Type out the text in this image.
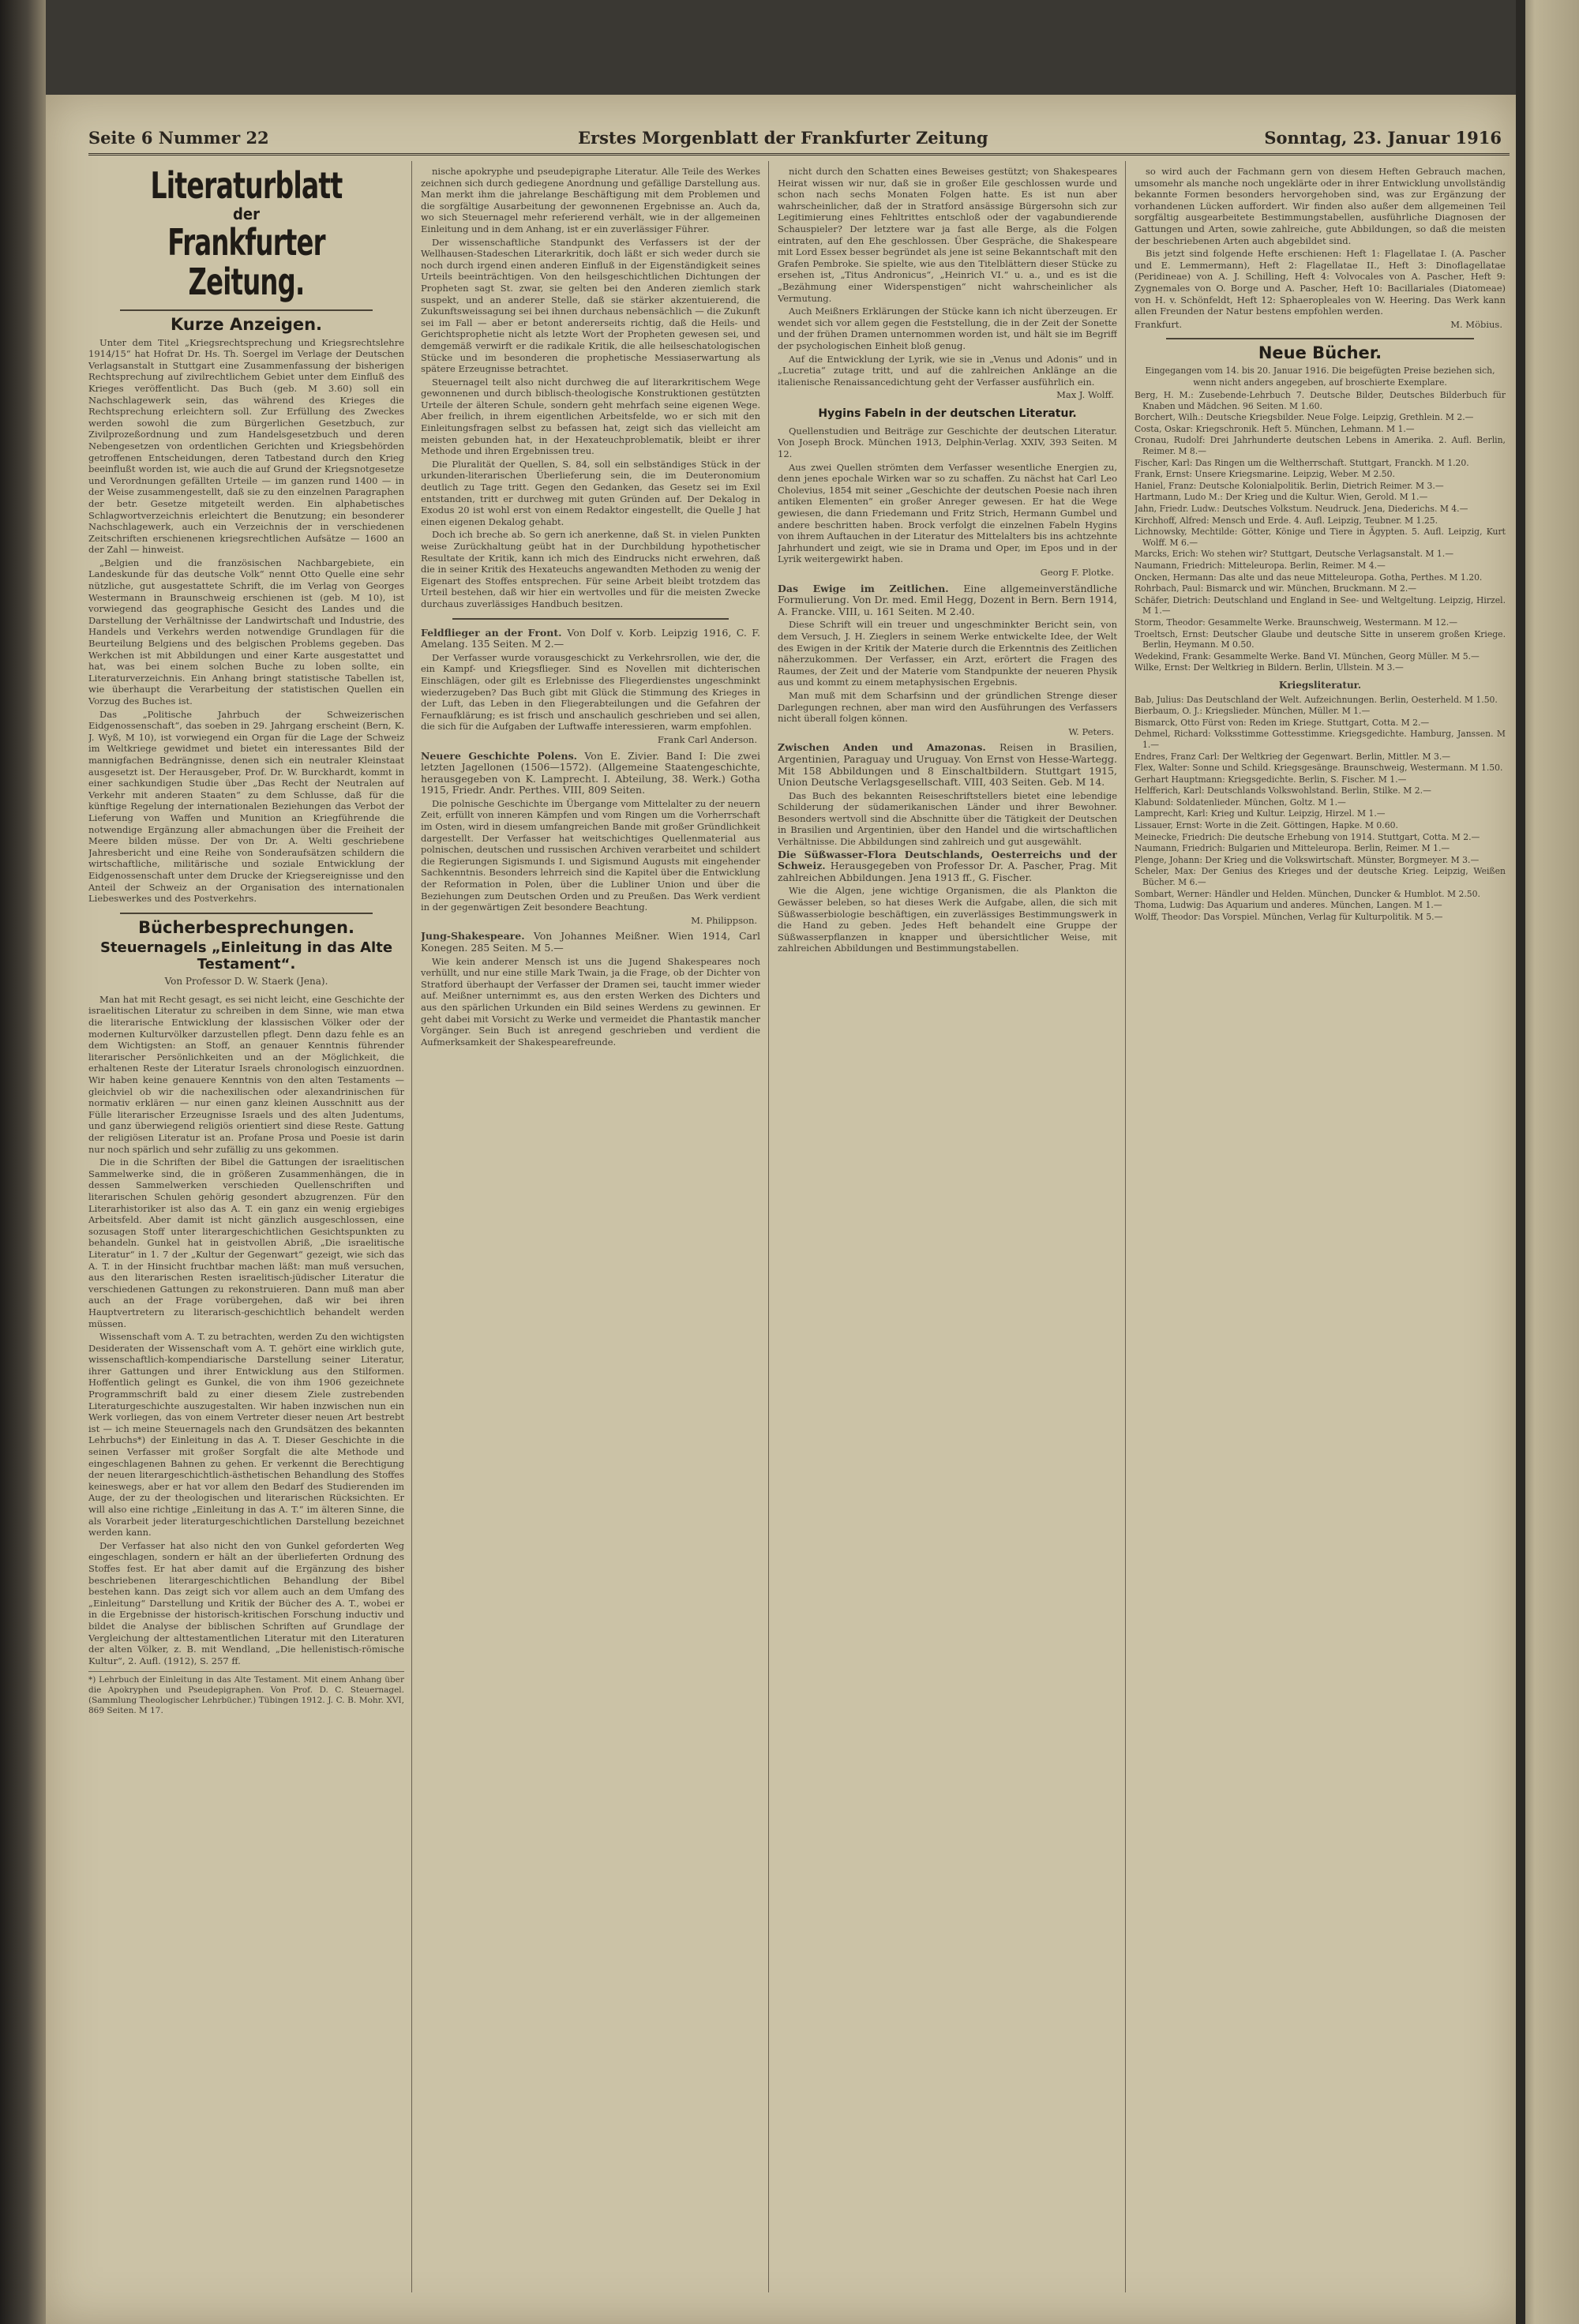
Seite 6 Nummer 22	Erstes Morgenblatt der Frankfurter Zeitung	Sonntag, 23. Januar 1916
Literaturblatt
der
Frankfurter Zeitung.
Kurze Anzeigen.

Unter dem Titel „Kriegsrechtsprechung und Kriegsrechtslehre 1914/15“ hat Hofrat Dr. Hs. Th. Soergel im Verlage der Deutschen Verlagsanstalt in Stuttgart eine Zusammenfassung der bisherigen Rechtsprechung auf zivilrechtlichem Gebiet unter dem Einfluß des Krieges veröffentlicht. Das Buch (geb. M 3.60) soll ein Nachschlagewerk sein, das während des Krieges die Rechtsprechung erleichtern soll. Zur Erfüllung des Zweckes werden sowohl die zum Bürgerlichen Gesetzbuch, zur Zivilprozeßordnung und zum Handelsgesetzbuch und deren Nebengesetzen von ordentlichen Gerichten und Kriegsbehörden getroffenen Entscheidungen, deren Tatbestand durch den Krieg beeinflußt worden ist, wie auch die auf Grund der Kriegsnotgesetze und Verordnungen gefällten Urteile — im ganzen rund 1400 — in der Weise zusammengestellt, daß sie zu den einzelnen Paragraphen der betr. Gesetze mitgeteilt werden. Ein alphabetisches Schlagwortverzeichnis erleichtert die Benutzung; ein besonderer Nachschlagewerk, auch ein Verzeichnis der in verschiedenen Zeitschriften erschienenen kriegsrechtlichen Aufsätze — 1600 an der Zahl — hinweist.

„Belgien und die französischen Nachbargebiete, ein Landeskunde für das deutsche Volk“ nennt Otto Quelle eine sehr nützliche, gut ausgestattete Schrift, die im Verlag von Georges Westermann in Braunschweig erschienen ist (geb. M 10), ist vorwiegend das geographische Gesicht des Landes und die Darstellung der Verhältnisse der Landwirtschaft und Industrie, des Handels und Verkehrs werden notwendige Grundlagen für die Beurteilung Belgiens und des belgischen Problems gegeben. Das Werkchen ist mit Abbildungen und einer Karte ausgestattet und hat, was bei einem solchen Buche zu loben sollte, ein Literaturverzeichnis. Ein Anhang bringt statistische Tabellen ist, wie überhaupt die Verarbeitung der statistischen Quellen ein Vorzug des Buches ist.

Das „Politische Jahrbuch der Schweizerischen Eidgenossenschaft“, das soeben in 29. Jahrgang erscheint (Bern, K. J. Wyß, M 10), ist vorwiegend ein Organ für die Lage der Schweiz im Weltkriege gewidmet und bietet ein interessantes Bild der mannigfachen Bedrängnisse, denen sich ein neutraler Kleinstaat ausgesetzt ist. Der Herausgeber, Prof. Dr. W. Burckhardt, kommt in einer sachkundigen Studie über „Das Recht der Neutralen auf Verkehr mit anderen Staaten“ zu dem Schlusse, daß für die künftige Regelung der internationalen Beziehungen das Verbot der Lieferung von Waffen und Munition an Kriegführende die notwendige Ergänzung aller abmachungen über die Freiheit der Meere bilden müsse. Der von Dr. A. Welti geschriebene Jahresbericht und eine Reihe von Sonderaufsätzen schildern die wirtschaftliche, militärische und soziale Entwicklung der Eidgenossenschaft unter dem Drucke der Kriegsereignisse und den Anteil der Schweiz an der Organisation des internationalen Liebeswerkes und des Postverkehrs.

Bücherbesprechungen.
Steuernagels „Einleitung in das Alte Testament“.
Von Professor D. W. Staerk (Jena).

Man hat mit Recht gesagt, es sei nicht leicht, eine Geschichte der israelitischen Literatur zu schreiben in dem Sinne, wie man etwa die literarische Entwicklung der klassischen Völker oder der modernen Kulturvölker darzustellen pflegt. Denn dazu fehle es an dem Wichtigsten: an Stoff, an genauer Kenntnis führender literarischer Persönlichkeiten und an der Möglichkeit, die erhaltenen Reste der Literatur Israels chronologisch einzuordnen. Wir haben keine genauere Kenntnis von den alten Testaments — gleichviel ob wir die nachexilischen oder alexandrinischen für normativ erklären — nur einen ganz kleinen Ausschnitt aus der Fülle literarischer Erzeugnisse Israels und des alten Judentums, und ganz überwiegend religiös orientiert sind diese Reste. Gattung der religiösen Literatur ist an. Profane Prosa und Poesie ist darin nur noch spärlich und sehr zufällig zu uns gekommen.

Die in die Schriften der Bibel die Gattungen der israelitischen Sammelwerke sind, die in größeren Zusammenhängen, die in dessen Sammelwerken verschieden Quellenschriften und literarischen Schulen gehörig gesondert abzugrenzen. Für den Literarhistoriker ist also das A. T. ein ganz ein wenig ergiebiges Arbeitsfeld. Aber damit ist nicht gänzlich ausgeschlossen, eine sozusagen Stoff unter literargeschichtlichen Gesichtspunkten zu behandeln. Gunkel hat in geistvollen Abriß, „Die israelitische Literatur“ in 1. 7 der „Kultur der Gegenwart“ gezeigt, wie sich das A. T. in der Hinsicht fruchtbar machen läßt: man muß versuchen, aus den literarischen Resten israelitisch-jüdischer Literatur die verschiedenen Gattungen zu rekonstruieren. Dann muß man aber auch an der Frage vorübergehen, daß wir bei ihren Hauptvertretern zu literarisch-geschichtlich behandelt werden müssen.

Wissenschaft vom A. T. zu betrachten, werden Zu den wichtigsten Desideraten der Wissenschaft vom A. T. gehört eine wirklich gute, wissenschaftlich-kompendiarische Darstellung seiner Literatur, ihrer Gattungen und ihrer Entwicklung aus den Stilformen. Hoffentlich gelingt es Gunkel, die von ihm 1906 gezeichnete Programmschrift bald zu einer diesem Ziele zustrebenden Literaturgeschichte auszugestalten. Wir haben inzwischen nun ein Werk vorliegen, das von einem Vertreter dieser neuen Art bestrebt ist — ich meine Steuernagels nach den Grundsätzen des bekannten Lehrbuchs*) der Einleitung in das A. T. Dieser Geschichte in die seinen Verfasser mit großer Sorgfalt die alte Methode und eingeschlagenen Bahnen zu gehen. Er verkennt die Berechtigung der neuen literargeschichtlich-ästhetischen Behandlung des Stoffes keineswegs, aber er hat vor allem den Bedarf des Studierenden im Auge, der zu der theologischen und literarischen Rücksichten. Er will also eine richtige „Einleitung in das A. T.“ im älteren Sinne, die als Vorarbeit jeder literaturgeschichtlichen Darstellung bezeichnet werden kann.

Der Verfasser hat also nicht den von Gunkel geforderten Weg eingeschlagen, sondern er hält an der überlieferten Ordnung des Stoffes fest. Er hat aber damit auf die Ergänzung des bisher beschriebenen literargeschichtlichen Behandlung der Bibel bestehen kann. Das zeigt sich vor allem auch an dem Umfang des „Einleitung“ Darstellung und Kritik der Bücher des A. T., wobei er in die Ergebnisse der historisch-kritischen Forschung inductiv und bildet die Analyse der biblischen Schriften auf Grundlage der Vergleichung der alttestamentlichen Literatur mit den Literaturen der alten Völker, z. B. mit Wendland, „Die hellenistisch-römische Kultur“, 2. Aufl. (1912), S. 257 ff.

*) Lehrbuch der Einleitung in das Alte Testament. Mit einem Anhang über die Apokryphen und Pseudepigraphen. Von Prof. D. C. Steuernagel. (Sammlung Theologischer Lehrbücher.) Tübingen 1912. J. C. B. Mohr. XVI, 869 Seiten. M 17.

nische apokryphe und pseudepigraphe Literatur. Alle Teile des Werkes zeichnen sich durch gediegene Anordnung und gefällige Darstellung aus. Man merkt ihm die jahrelange Beschäftigung mit dem Problemen und die sorgfältige Ausarbeitung der gewonnenen Ergebnisse an. Auch da, wo sich Steuernagel mehr referierend verhält, wie in der allgemeinen Einleitung und in dem Anhang, ist er ein zuverlässiger Führer.

Der wissenschaftliche Standpunkt des Verfassers ist der der Wellhausen-Stadeschen Literarkritik, doch läßt er sich weder durch sie noch durch irgend einen anderen Einfluß in der Eigenständigkeit seines Urteils beeinträchtigen. Von den heilsgeschichtlichen Dichtungen der Propheten sagt St. zwar, sie gelten bei den Anderen ziemlich stark suspekt, und an anderer Stelle, daß sie stärker akzentuierend, die Zukunftsweissagung sei bei ihnen durchaus nebensächlich — die Zukunft sei im Fall — aber er betont andererseits richtig, daß die Heils- und Gerichtsprophetie nicht als letzte Wort der Propheten gewesen sei, und demgemäß verwirft er die radikale Kritik, die alle heilseschatologischen Stücke und im besonderen die prophetische Messiaserwartung als spätere Erzeugnisse betrachtet.

Steuernagel teilt also nicht durchweg die auf literarkritischem Wege gewonnenen und durch biblisch-theologische Konstruktionen gestützten Urteile der älteren Schule, sondern geht mehrfach seine eigenen Wege. Aber freilich, in ihrem eigentlichen Arbeitsfelde, wo er sich mit den Einleitungsfragen selbst zu befassen hat, zeigt sich das vielleicht am meisten gebunden hat, in der Hexateuchproblematik, bleibt er ihrer Methode und ihren Ergebnissen treu.

Die Pluralität der Quellen, S. 84, soll ein selbständiges Stück in der urkunden-literarischen Überlieferung sein, die im Deuteronomium deutlich zu Tage tritt. Gegen den Gedanken, das Gesetz sei im Exil entstanden, tritt er durchweg mit guten Gründen auf. Der Dekalog in Exodus 20 ist wohl erst von einem Redaktor eingestellt, die Quelle J hat einen eigenen Dekalog gehabt.

Doch ich breche ab. So gern ich anerkenne, daß St. in vielen Punkten weise Zurückhaltung geübt hat in der Durchbildung hypothetischer Resultate der Kritik, kann ich mich des Eindrucks nicht erwehren, daß die in seiner Kritik des Hexateuchs angewandten Methoden zu wenig der Eigenart des Stoffes entsprechen. Für seine Arbeit bleibt trotzdem das Urteil bestehen, daß wir hier ein wertvolles und für die meisten Zwecke durchaus zuverlässiges Handbuch besitzen.

Feldflieger an der Front. Von Dolf v. Korb. Leipzig 1916, C. F. Amelang. 135 Seiten. M 2.—

Der Verfasser wurde vorausgeschickt zu Verkehrsrollen, wie der, die ein Kampf- und Kriegsflieger. Sind es Novellen mit dichterischen Einschlägen, oder gilt es Erlebnisse des Fliegerdienstes ungeschminkt wiederzugeben? Das Buch gibt mit Glück die Stimmung des Krieges in der Luft, das Leben in den Fliegerabteilungen und die Gefahren der Fernaufklärung; es ist frisch und anschaulich geschrieben und sei allen, die sich für die Aufgaben der Luftwaffe interessieren, warm empfohlen.

Frank Carl Anderson.

Neuere Geschichte Polens. Von E. Zivier. Band I: Die zwei letzten Jagellonen (1506—1572). (Allgemeine Staatengeschichte, herausgegeben von K. Lamprecht. I. Abteilung, 38. Werk.) Gotha 1915, Friedr. Andr. Perthes. VIII, 809 Seiten.

Die polnische Geschichte im Übergange vom Mittelalter zu der neuern Zeit, erfüllt von inneren Kämpfen und vom Ringen um die Vorherrschaft im Osten, wird in diesem umfangreichen Bande mit großer Gründlichkeit dargestellt. Der Verfasser hat weitschichtiges Quellenmaterial aus polnischen, deutschen und russischen Archiven verarbeitet und schildert die Regierungen Sigismunds I. und Sigismund Augusts mit eingehender Sachkenntnis. Besonders lehrreich sind die Kapitel über die Entwicklung der Reformation in Polen, über die Lubliner Union und über die Beziehungen zum Deutschen Orden und zu Preußen. Das Werk verdient in der gegenwärtigen Zeit besondere Beachtung.

M. Philippson.

Jung-Shakespeare. Von Johannes Meißner. Wien 1914, Carl Konegen. 285 Seiten. M 5.—

Wie kein anderer Mensch ist uns die Jugend Shakespeares noch verhüllt, und nur eine stille Mark Twain, ja die Frage, ob der Dichter von Stratford überhaupt der Verfasser der Dramen sei, taucht immer wieder auf. Meißner unternimmt es, aus den ersten Werken des Dichters und aus den spärlichen Urkunden ein Bild seines Werdens zu gewinnen. Er geht dabei mit Vorsicht zu Werke und vermeidet die Phantastik mancher Vorgänger. Sein Buch ist anregend geschrieben und verdient die Aufmerksamkeit der Shakespearefreunde.

nicht durch den Schatten eines Beweises gestützt; von Shakespeares Heirat wissen wir nur, daß sie in großer Eile geschlossen wurde und schon nach sechs Monaten Folgen hatte. Es ist nun aber wahrscheinlicher, daß der in Stratford ansässige Bürgersohn sich zur Legitimierung eines Fehltrittes entschloß oder der vagabundierende Schauspieler? Der letztere war ja fast alle Berge, als die Folgen eintraten, auf den Ehe geschlossen. Über Gespräche, die Shakespeare mit Lord Essex besser begründet als jene ist seine Bekanntschaft mit den Grafen Pembroke. Sie spielte, wie aus den Titelblättern dieser Stücke zu ersehen ist, „Titus Andronicus“, „Heinrich VI.“ u. a., und es ist die „Bezähmung einer Widerspenstigen“ nicht wahrscheinlicher als Vermutung.

Auch Meißners Erklärungen der Stücke kann ich nicht überzeugen. Er wendet sich vor allem gegen die Feststellung, die in der Zeit der Sonette und der frühen Dramen unternommen worden ist, und hält sie im Begriff der psychologischen Einheit bloß genug.

Auf die Entwicklung der Lyrik, wie sie in „Venus und Adonis“ und in „Lucretia“ zutage tritt, und auf die zahlreichen Anklänge an die italienische Renaissancedichtung geht der Verfasser ausführlich ein.

Max J. Wolff.
Hygins Fabeln in der deutschen Literatur.

Quellenstudien und Beiträge zur Geschichte der deutschen Literatur. Von Joseph Brock. München 1913, Delphin-Verlag. XXIV, 393 Seiten. M 12.

Aus zwei Quellen strömten dem Verfasser wesentliche Energien zu, denn jenes epochale Wirken war so zu schaffen. Zu nächst hat Carl Leo Cholevius, 1854 mit seiner „Geschichte der deutschen Poesie nach ihren antiken Elementen“ ein großer Anreger gewesen. Er hat die Wege gewiesen, die dann Friedemann und Fritz Strich, Hermann Gumbel und andere beschritten haben. Brock verfolgt die einzelnen Fabeln Hygins von ihrem Auftauchen in der Literatur des Mittelalters bis ins achtzehnte Jahrhundert und zeigt, wie sie in Drama und Oper, im Epos und in der Lyrik weitergewirkt haben.

Georg F. Plotke.

Das Ewige im Zeitlichen. Eine allgemeinverständliche Formulierung. Von Dr. med. Emil Hegg, Dozent in Bern. Bern 1914, A. Francke. VIII, u. 161 Seiten. M 2.40.

Diese Schrift will ein treuer und ungeschminkter Bericht sein, von dem Versuch, J. H. Zieglers in seinem Werke entwickelte Idee, der Welt des Ewigen in der Kritik der Materie durch die Erkenntnis des Zeitlichen näherzukommen. Der Verfasser, ein Arzt, erörtert die Fragen des Raumes, der Zeit und der Materie vom Standpunkte der neueren Physik aus und kommt zu einem metaphysischen Ergebnis.

Man muß mit dem Scharfsinn und der gründlichen Strenge dieser Darlegungen rechnen, aber man wird den Ausführungen des Verfassers nicht überall folgen können.

W. Peters.

Zwischen Anden und Amazonas. Reisen in Brasilien, Argentinien, Paraguay und Uruguay. Von Ernst von Hesse-Wartegg. Mit 158 Abbildungen und 8 Einschaltbildern. Stuttgart 1915, Union Deutsche Verlagsgesellschaft. VIII, 403 Seiten. Geb. M 14.

Das Buch des bekannten Reiseschriftstellers bietet eine lebendige Schilderung der südamerikanischen Länder und ihrer Bewohner. Besonders wertvoll sind die Abschnitte über die Tätigkeit der Deutschen in Brasilien und Argentinien, über den Handel und die wirtschaftlichen Verhältnisse. Die Abbildungen sind zahlreich und gut ausgewählt.

Die Süßwasser-Flora Deutschlands, Oesterreichs und der Schweiz. Herausgegeben von Professor Dr. A. Pascher, Prag. Mit zahlreichen Abbildungen. Jena 1913 ff., G. Fischer.

Wie die Algen, jene wichtige Organismen, die als Plankton die Gewässer beleben, so hat dieses Werk die Aufgabe, allen, die sich mit Süßwasserbiologie beschäftigen, ein zuverlässiges Bestimmungswerk in die Hand zu geben. Jedes Heft behandelt eine Gruppe der Süßwasserpflanzen in knapper und übersichtlicher Weise, mit zahlreichen Abbildungen und Bestimmungstabellen.

so wird auch der Fachmann gern von diesem Heften Gebrauch machen, umsomehr als manche noch ungeklärte oder in ihrer Entwicklung unvollständig bekannte Formen besonders hervorgehoben sind, was zur Ergänzung der vorhandenen Lücken auffordert. Wir finden also außer dem allgemeinen Teil sorgfältig ausgearbeitete Bestimmungstabellen, ausführliche Diagnosen der Gattungen und Arten, sowie zahlreiche, gute Abbildungen, so daß die meisten der beschriebenen Arten auch abgebildet sind.

Bis jetzt sind folgende Hefte erschienen: Heft 1: Flagellatae I. (A. Pascher und E. Lemmermann), Heft 2: Flagellatae II., Heft 3: Dinoflagellatae (Peridineae) von A. J. Schilling, Heft 4: Volvocales von A. Pascher, Heft 9: Zygnemales von O. Borge und A. Pascher, Heft 10: Bacillariales (Diatomeae) von H. v. Schönfeldt, Heft 12: Sphaeropleales von W. Heering. Das Werk kann allen Freunden der Natur bestens empfohlen werden.

Frankfurt.	M. Möbius.
Neue Bücher.

Eingegangen vom 14. bis 20. Januar 1916. Die beigefügten Preise beziehen sich, wenn nicht anders angegeben, auf broschierte Exemplare.

Berg, H. M.: Zusebende-Lehrbuch 7. Deutsche Bilder, Deutsches Bilderbuch für Knaben und Mädchen. 96 Seiten. M 1.60.

Borchert, Wilh.: Deutsche Kriegsbilder. Neue Folge. Leipzig, Grethlein. M 2.—

Costa, Oskar: Kriegschronik. Heft 5. München, Lehmann. M 1.—

Cronau, Rudolf: Drei Jahrhunderte deutschen Lebens in Amerika. 2. Aufl. Berlin, Reimer. M 8.—

Fischer, Karl: Das Ringen um die Weltherrschaft. Stuttgart, Franckh. M 1.20.

Frank, Ernst: Unsere Kriegsmarine. Leipzig, Weber. M 2.50.

Haniel, Franz: Deutsche Kolonialpolitik. Berlin, Dietrich Reimer. M 3.—

Hartmann, Ludo M.: Der Krieg und die Kultur. Wien, Gerold. M 1.—

Jahn, Friedr. Ludw.: Deutsches Volkstum. Neudruck. Jena, Diederichs. M 4.—

Kirchhoff, Alfred: Mensch und Erde. 4. Aufl. Leipzig, Teubner. M 1.25.

Lichnowsky, Mechtilde: Götter, Könige und Tiere in Ägypten. 5. Aufl. Leipzig, Kurt Wolff. M 6.—

Marcks, Erich: Wo stehen wir? Stuttgart, Deutsche Verlagsanstalt. M 1.—

Naumann, Friedrich: Mitteleuropa. Berlin, Reimer. M 4.—

Oncken, Hermann: Das alte und das neue Mitteleuropa. Gotha, Perthes. M 1.20.

Rohrbach, Paul: Bismarck und wir. München, Bruckmann. M 2.—

Schäfer, Dietrich: Deutschland und England in See- und Weltgeltung. Leipzig, Hirzel. M 1.—

Storm, Theodor: Gesammelte Werke. Braunschweig, Westermann. M 12.—

Troeltsch, Ernst: Deutscher Glaube und deutsche Sitte in unserem großen Kriege. Berlin, Heymann. M 0.50.

Wedekind, Frank: Gesammelte Werke. Band VI. München, Georg Müller. M 5.—

Wilke, Ernst: Der Weltkrieg in Bildern. Berlin, Ullstein. M 3.—

Kriegsliteratur.

Bab, Julius: Das Deutschland der Welt. Aufzeichnungen. Berlin, Oesterheld. M 1.50.

Bierbaum, O. J.: Kriegslieder. München, Müller. M 1.—

Bismarck, Otto Fürst von: Reden im Kriege. Stuttgart, Cotta. M 2.—

Dehmel, Richard: Volksstimme Gottesstimme. Kriegsgedichte. Hamburg, Janssen. M 1.—

Endres, Franz Carl: Der Weltkrieg der Gegenwart. Berlin, Mittler. M 3.—

Flex, Walter: Sonne und Schild. Kriegsgesänge. Braunschweig, Westermann. M 1.50.

Gerhart Hauptmann: Kriegsgedichte. Berlin, S. Fischer. M 1.—

Helfferich, Karl: Deutschlands Volkswohlstand. Berlin, Stilke. M 2.—

Klabund: Soldatenlieder. München, Goltz. M 1.—

Lamprecht, Karl: Krieg und Kultur. Leipzig, Hirzel. M 1.—

Lissauer, Ernst: Worte in die Zeit. Göttingen, Hapke. M 0.60.

Meinecke, Friedrich: Die deutsche Erhebung von 1914. Stuttgart, Cotta. M 2.—

Naumann, Friedrich: Bulgarien und Mitteleuropa. Berlin, Reimer. M 1.—

Plenge, Johann: Der Krieg und die Volkswirtschaft. Münster, Borgmeyer. M 3.—

Scheler, Max: Der Genius des Krieges und der deutsche Krieg. Leipzig, Weißen Bücher. M 6.—

Sombart, Werner: Händler und Helden. München, Duncker & Humblot. M 2.50.

Thoma, Ludwig: Das Aquarium und anderes. München, Langen. M 1.—

Wolff, Theodor: Das Vorspiel. München, Verlag für Kulturpolitik. M 5.—
